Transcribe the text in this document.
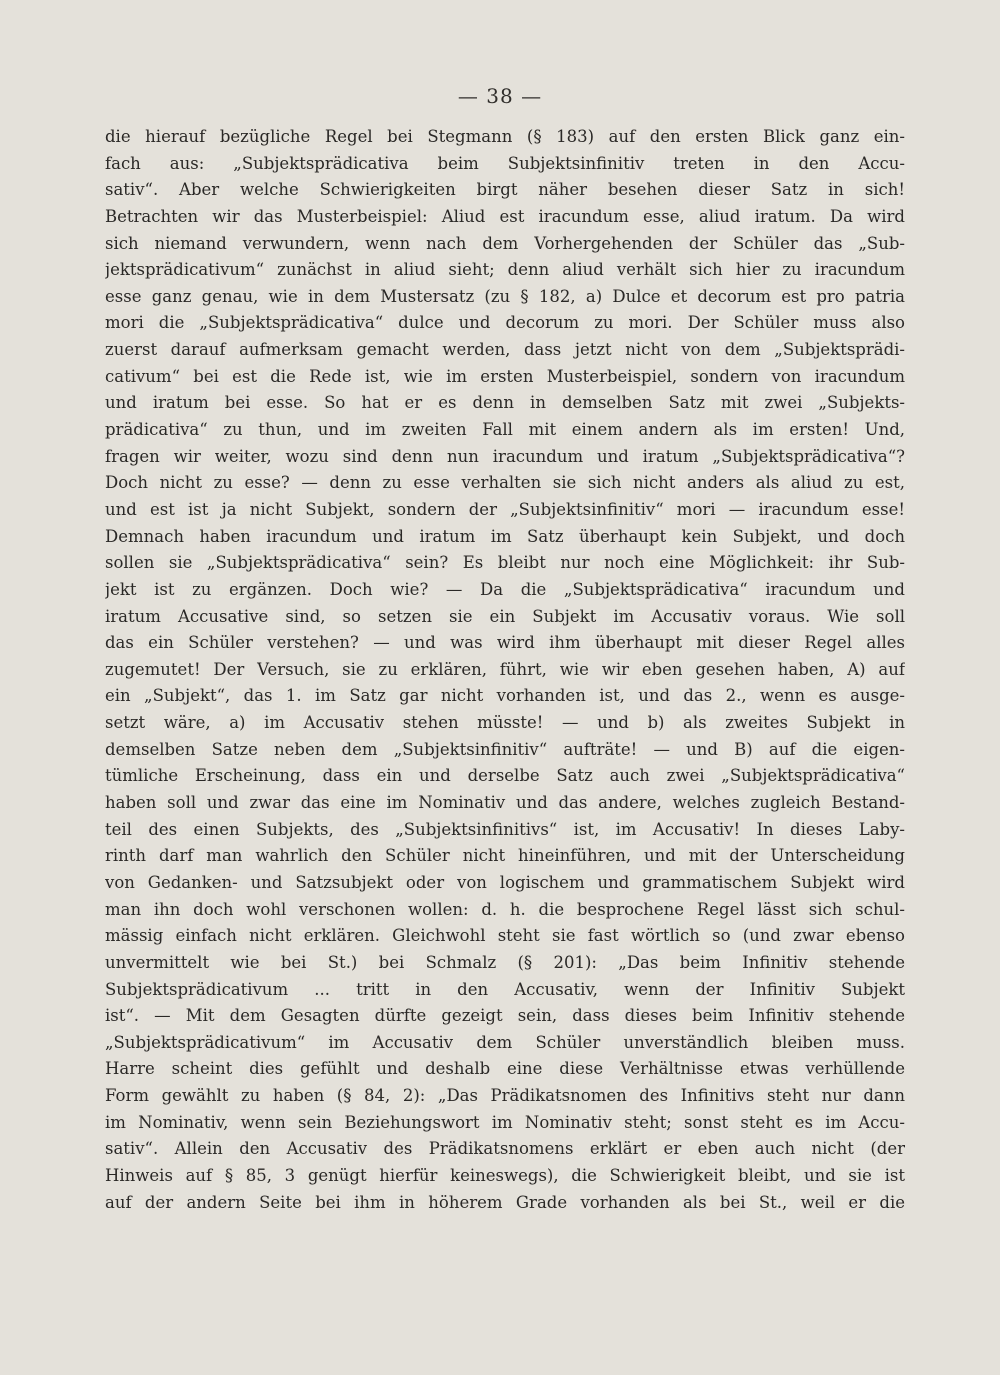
— 38 —
die hierauf bezügliche Regel bei Stegmann (§ 183) auf den ersten Blick ganz ein-
fach aus: „Subjektsprädicativa beim Subjektsinfinitiv treten in den Accu-
sativ“. Aber welche Schwierigkeiten birgt näher besehen dieser Satz in sich!
Betrachten wir das Musterbeispiel: Aliud est iracundum esse, aliud iratum. Da wird
sich niemand verwundern, wenn nach dem Vorhergehenden der Schüler das „Sub-
jektsprädicativum“ zunächst in aliud sieht; denn aliud verhält sich hier zu iracundum
esse ganz genau, wie in dem Mustersatz (zu § 182, a) Dulce et decorum est pro patria
mori die „Subjektsprädicativa“ dulce und decorum zu mori. Der Schüler muss also
zuerst darauf aufmerksam gemacht werden, dass jetzt nicht von dem „Subjektsprädi-
cativum“ bei est die Rede ist, wie im ersten Musterbeispiel, sondern von iracundum
und iratum bei esse. So hat er es denn in demselben Satz mit zwei „Subjekts-
prädicativa“ zu thun, und im zweiten Fall mit einem andern als im ersten! Und,
fragen wir weiter, wozu sind denn nun iracundum und iratum „Subjektsprädicativa“?
Doch nicht zu esse? — denn zu esse verhalten sie sich nicht anders als aliud zu est,
und est ist ja nicht Subjekt, sondern der „Subjektsinfinitiv“ mori — iracundum esse!
Demnach haben iracundum und iratum im Satz überhaupt kein Subjekt, und doch
sollen sie „Subjektsprädicativa“ sein? Es bleibt nur noch eine Möglichkeit: ihr Sub-
jekt ist zu ergänzen. Doch wie? — Da die „Subjektsprädicativa“ iracundum und
iratum Accusative sind, so setzen sie ein Subjekt im Accusativ voraus. Wie soll
das ein Schüler verstehen? — und was wird ihm überhaupt mit dieser Regel alles
zugemutet! Der Versuch, sie zu erklären, führt, wie wir eben gesehen haben, A) auf
ein „Subjekt“, das 1. im Satz gar nicht vorhanden ist, und das 2., wenn es ausge-
setzt wäre, a) im Accusativ stehen müsste! — und b) als zweites Subjekt in
demselben Satze neben dem „Subjektsinfinitiv“ aufträte! — und B) auf die eigen-
tümliche Erscheinung, dass ein und derselbe Satz auch zwei „Subjektsprädicativa“
haben soll und zwar das eine im Nominativ und das andere, welches zugleich Bestand-
teil des einen Subjekts, des „Subjektsinfinitivs“ ist, im Accusativ! In dieses Laby-
rinth darf man wahrlich den Schüler nicht hineinführen, und mit der Unterscheidung
von Gedanken- und Satzsubjekt oder von logischem und grammatischem Subjekt wird
man ihn doch wohl verschonen wollen: d. h. die besprochene Regel lässt sich schul-
mässig einfach nicht erklären. Gleichwohl steht sie fast wörtlich so (und zwar ebenso
unvermittelt wie bei St.) bei Schmalz (§ 201): „Das beim Infinitiv stehende
Subjektsprädicativum ... tritt in den Accusativ, wenn der Infinitiv Subjekt
ist“. — Mit dem Gesagten dürfte gezeigt sein, dass dieses beim Infinitiv stehende
„Subjektsprädicativum“ im Accusativ dem Schüler unverständlich bleiben muss.
Harre scheint dies gefühlt und deshalb eine diese Verhältnisse etwas verhüllende
Form gewählt zu haben (§ 84, 2): „Das Prädikatsnomen des Infinitivs steht nur dann
im Nominativ, wenn sein Beziehungswort im Nominativ steht; sonst steht es im Accu-
sativ“. Allein den Accusativ des Prädikatsnomens erklärt er eben auch nicht (der
Hinweis auf § 85, 3 genügt hierfür keineswegs), die Schwierigkeit bleibt, und sie ist
auf der andern Seite bei ihm in höherem Grade vorhanden als bei St., weil er die
